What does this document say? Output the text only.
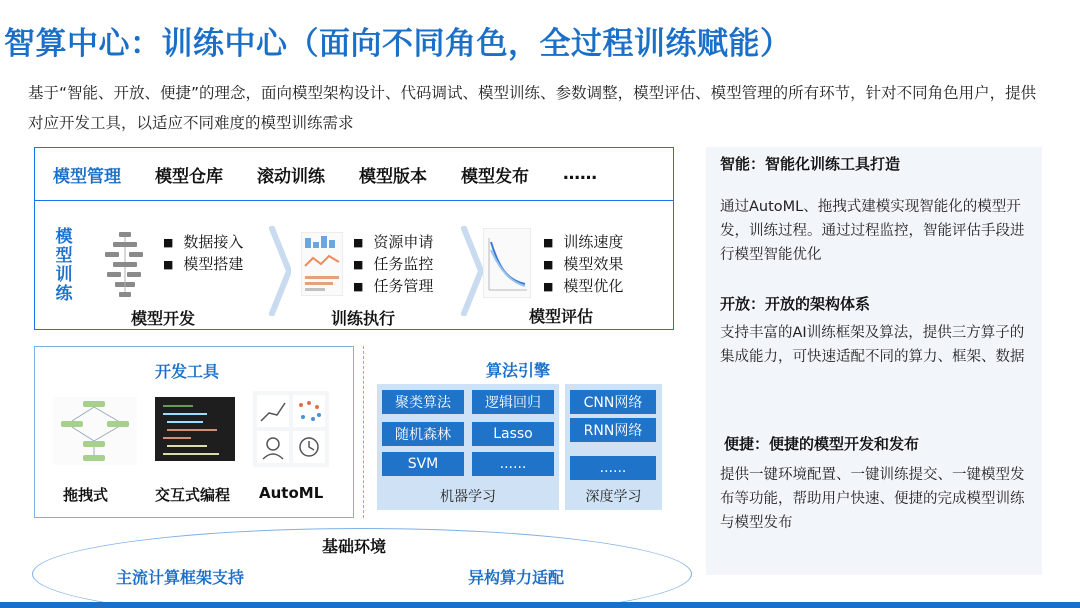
智算中心：训练中心（面向不同角色，全过程训练赋能）
基于“智能、开放、便捷”的理念，面向模型架构设计、代码调试、模型训练、参数调整，模型评估、模型管理的所有环节，针对不同角色用户，提供对应开发工具，以适应不同难度的模型训练需求
模型管理 模型仓库 滚动训练 模型版本 模型发布 ……
模型训练
■ 数据接入
■ 模型搭建
模型开发
■ 资源申请
■ 任务监控
■ 任务管理
训练执行
■ 训练速度
■ 模型效果
■ 模型优化
模型评估
开发工具
拖拽式	交互式编程 AutoML
算法引擎
聚类算法	逻辑回归
随机森林	Lasso
SVM	......
机器学习
CNN网络
RNN网络
......
深度学习
基础环境
主流计算框架支持	异构算力适配
智能：智能化训练工具打造
通过AutoML、拖拽式建模实现智能化的模型开发，训练过程。通过过程监控，智能评估手段进行模型智能优化
开放：开放的架构体系
支持丰富的AI训练框架及算法，提供三方算子的集成能力，可快速适配不同的算力、框架、数据
便捷：便捷的模型开发和发布
提供一键环境配置、一键训练提交、一键模型发布等功能，帮助用户快速、便捷的完成模型训练与模型发布
